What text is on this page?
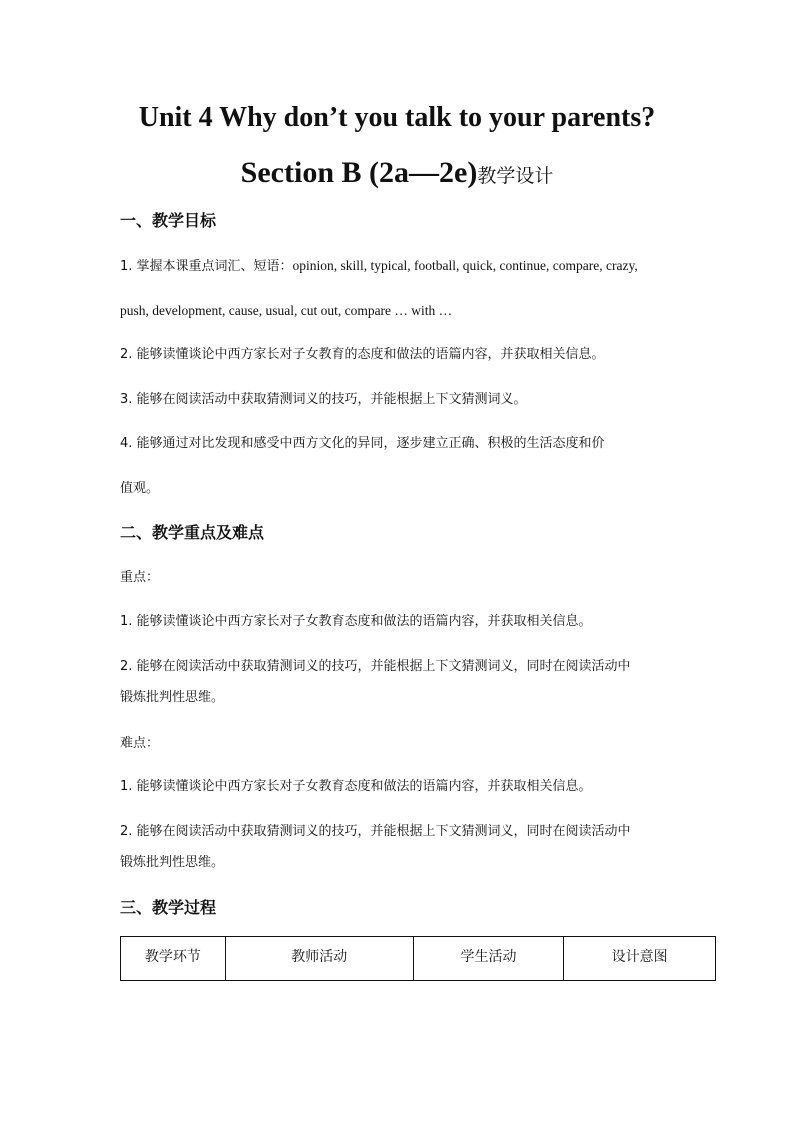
Unit 4 Why don’t you talk to your parents?
Section B (2a—2e)教学设计
一、教学目标
1. 掌握本课重点词汇、短语：opinion, skill, typical, football, quick, continue, compare, crazy,
push, development, cause, usual, cut out, compare … with …
2. 能够读懂谈论中西方家长对子女教育的态度和做法的语篇内容，并获取相关信息。
3. 能够在阅读活动中获取猜测词义的技巧，并能根据上下文猜测词义。
4. 能够通过对比发现和感受中西方文化的异同，逐步建立正确、积极的生活态度和价
值观。
二、教学重点及难点
重点：
1. 能够读懂谈论中西方家长对子女教育态度和做法的语篇内容，并获取相关信息。
2. 能够在阅读活动中获取猜测词义的技巧，并能根据上下文猜测词义，同时在阅读活动中
锻炼批判性思维。
难点：
1. 能够读懂谈论中西方家长对子女教育态度和做法的语篇内容，并获取相关信息。
2. 能够在阅读活动中获取猜测词义的技巧，并能根据上下文猜测词义，同时在阅读活动中
锻炼批判性思维。
三、教学过程
教学环节	教师活动	学生活动	设计意图
